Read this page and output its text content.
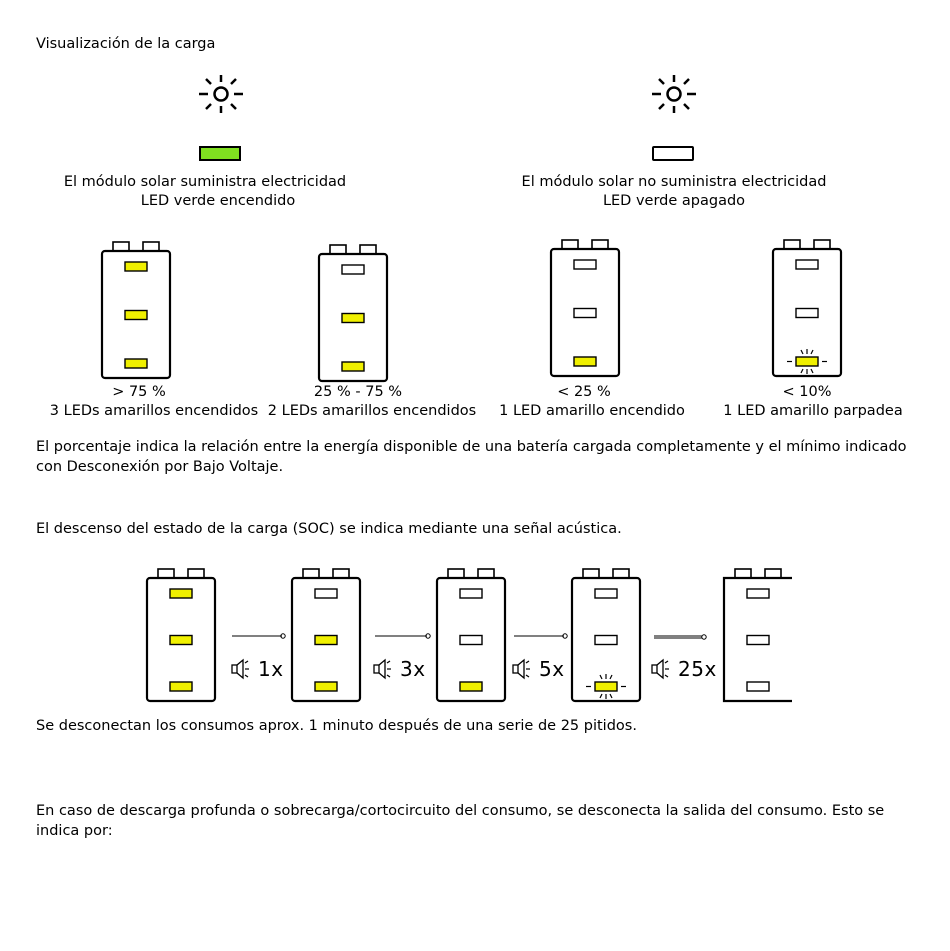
Visualización de la carga
El módulo solar suministra electricidad
LED verde encendido
El módulo solar no suministra electricidad
LED verde apagado
> 75 %
3 LEDs amarillos encendidos
25 % - 75 %
2 LEDs amarillos encendidos
< 25 %
1 LED amarillo encendido
< 10%
1 LED amarillo parpadea
El porcentaje indica la relación entre la energía disponible de una batería cargada completamente y el mínimo indicado con Desconexión por Bajo Voltaje.
El descenso del estado de la carga (SOC) se indica mediante una señal acústica.
1x	3x	5x	25x
Se desconectan los consumos aprox. 1 minuto después de una serie de 25 pitidos.
En caso de descarga profunda o sobrecarga/cortocircuito del consumo, se desconecta la salida del consumo. Esto se indica por:
